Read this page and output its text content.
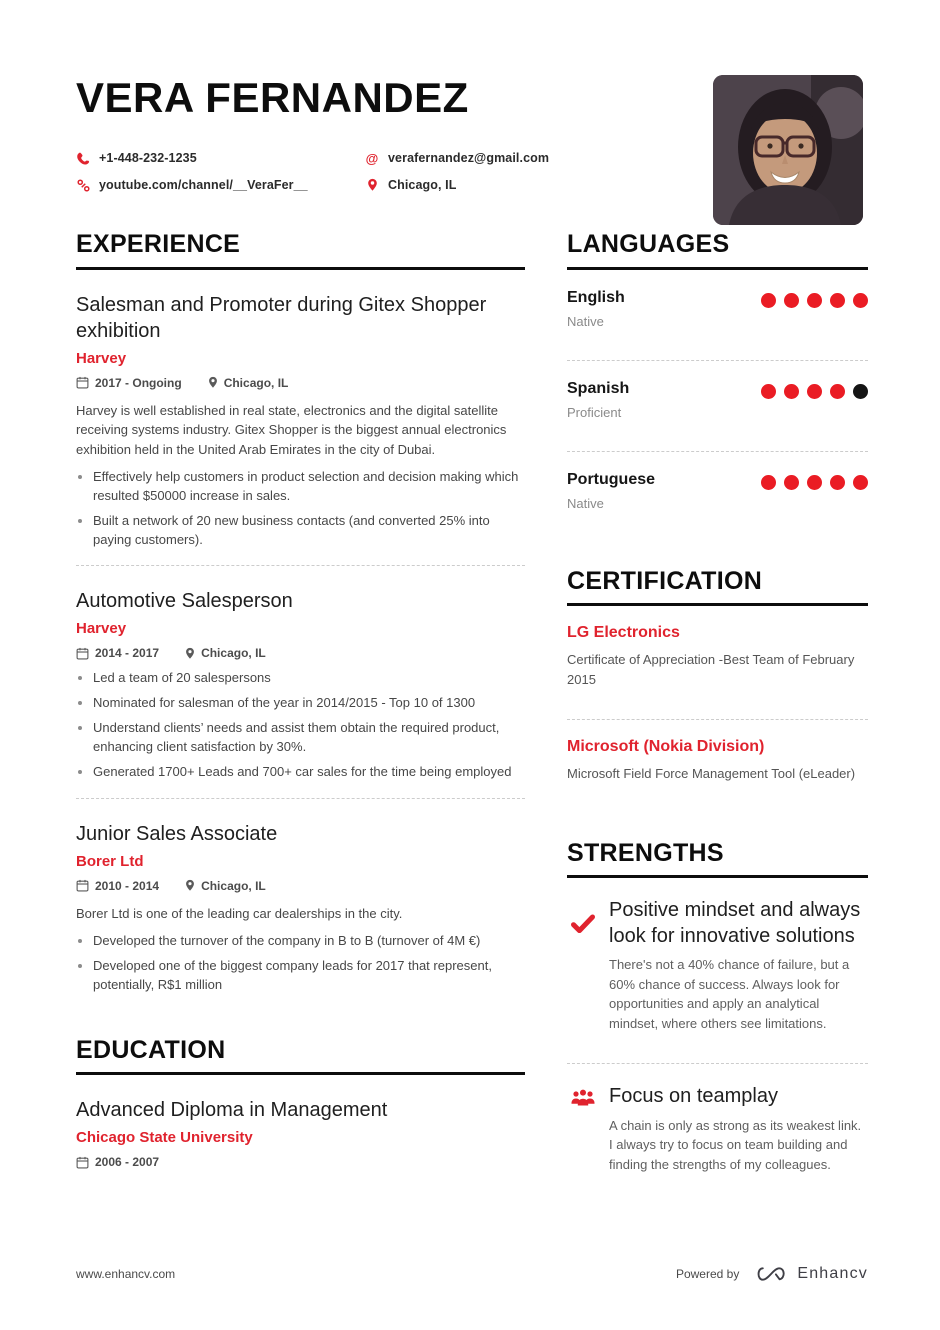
VERA FERNANDEZ
+1-448-232-1235	@ verafernandez@gmail.com
youtube.com/channel/__VeraFer__	Chicago, IL
EXPERIENCE
Salesman and Promoter during Gitex Shopper exhibition
Harvey
2017 - Ongoing	Chicago, IL

Harvey is well established in real state, electronics and the digital satellite receiving systems industry. Gitex Shopper is the biggest annual electronics exhibition held in the United Arab Emirates in the city of Dubai.

• Effectively help customers in product selection and decision making which resulted $50000 increase in sales.
• Built a network of 20 new business contacts (and converted 25% into paying customers).
Automotive Salesperson
Harvey
2014 - 2017	Chicago, IL
• Led a team of 20 salespersons
• Nominated for salesman of the year in 2014/2015 - Top 10 of 1300
• Understand clients’ needs and assist them obtain the required product, enhancing client satisfaction by 30%.
• Generated 1700+ Leads and 700+ car sales for the time being employed
Junior Sales Associate
Borer Ltd
2010 - 2014	Chicago, IL

Borer Ltd is one of the leading car dealerships in the city.

• Developed the turnover of the company in B to B (turnover of 4M €)
• Developed one of the biggest company leads for 2017 that represent, potentially, R$1 million
EDUCATION
Advanced Diploma in Management
Chicago State University
2006 - 2007
LANGUAGES
English
Native
Spanish
Proficient
Portuguese
Native
CERTIFICATION
LG Electronics
Certificate of Appreciation -Best Team of February 2015
Microsoft (Nokia Division)
Microsoft Field Force Management Tool (eLeader)
STRENGTHS
Positive mindset and always look for innovative solutions
There's not a 40% chance of failure, but a 60% chance of success. Always look for opportunities and apply an analytical mindset, where others see limitations.
Focus on teamplay
A chain is only as strong as its weakest link. I always try to focus on team building and finding the strengths of my colleagues.
www.enhancv.com	Powered by	Enhancv
